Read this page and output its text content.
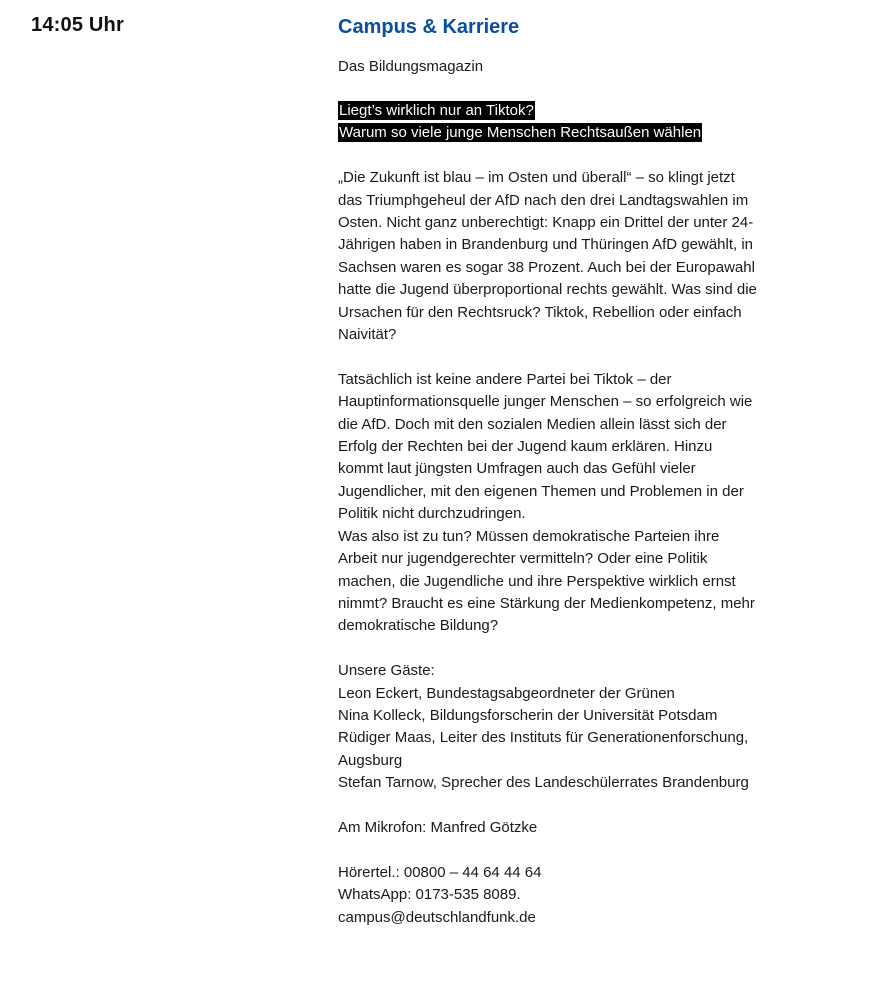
14:05 Uhr	Campus & Karriere
Das Bildungsmagazin
Liegt’s wirklich nur an Tiktok?
Warum so viele junge Menschen Rechtsaußen wählen

„Die Zukunft ist blau – im Osten und überall“ – so klingt jetzt das Triumphgeheul der AfD nach den drei Landtagswahlen im Osten. Nicht ganz unberechtigt: Knapp ein Drittel der unter 24-Jährigen haben in Brandenburg und Thüringen AfD gewählt, in Sachsen waren es sogar 38 Prozent. Auch bei der Europawahl hatte die Jugend überproportional rechts gewählt. Was sind die Ursachen für den Rechtsruck? Tiktok, Rebellion oder einfach Naivität?

Tatsächlich ist keine andere Partei bei Tiktok – der Hauptinformationsquelle junger Menschen – so erfolgreich wie die AfD. Doch mit den sozialen Medien allein lässt sich der Erfolg der Rechten bei der Jugend kaum erklären. Hinzu kommt laut jüngsten Umfragen auch das Gefühl vieler Jugendlicher, mit den eigenen Themen und Problemen in der Politik nicht durchzudringen.

Was also ist zu tun? Müssen demokratische Parteien ihre Arbeit nur jugendgerechter vermitteln? Oder eine Politik machen, die Jugendliche und ihre Perspektive wirklich ernst nimmt? Braucht es eine Stärkung der Medienkompetenz, mehr demokratische Bildung?

Unsere Gäste:
Leon Eckert, Bundestagsabgeordneter der Grünen
Nina Kolleck, Bildungsforscherin der Universität Potsdam
Rüdiger Maas, Leiter des Instituts für Generationenforschung, Augsburg
Stefan Tarnow, Sprecher des Landeschülerrates Brandenburg
Am Mikrofon: Manfred Götzke
Hörertel.: 00800 – 44 64 44 64
WhatsApp: 0173-535 8089.
campus@deutschlandfunk.de
